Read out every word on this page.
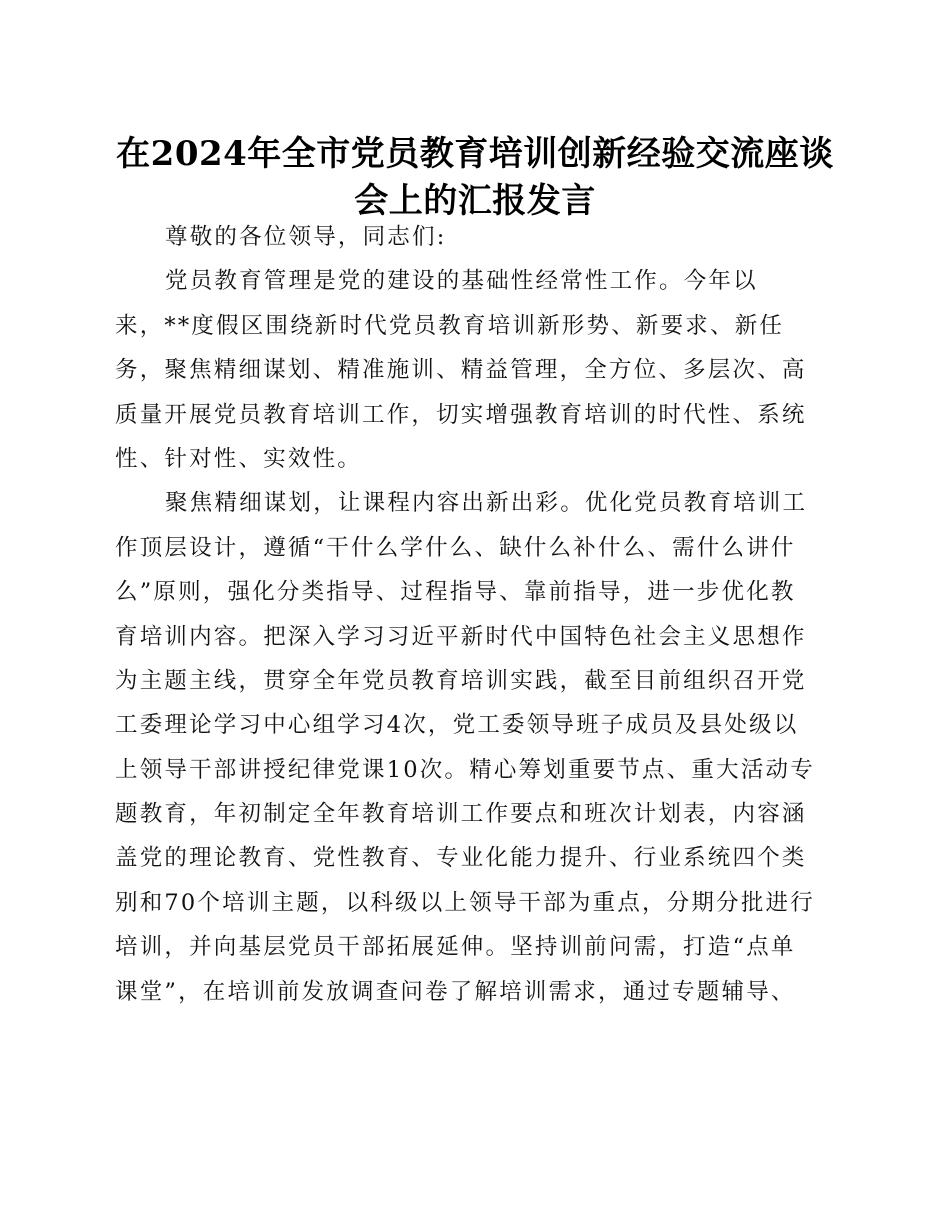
在2024年全市党员教育培训创新经验交流座谈
会上的汇报发言
尊敬的各位领导，同志们:
党员教育管理是党的建设的基础性经常性工作。今年以
来，**度假区围绕新时代党员教育培训新形势、新要求、新任
务，聚焦精细谋划、精准施训、精益管理，全方位、多层次、高
质量开展党员教育培训工作，切实增强教育培训的时代性、系统
性、针对性、实效性。
聚焦精细谋划，让课程内容出新出彩。优化党员教育培训工
作顶层设计，遵循“干什么学什么、缺什么补什么、需什么讲什
么”原则，强化分类指导、过程指导、靠前指导，进一步优化教
育培训内容。把深入学习习近平新时代中国特色社会主义思想作
为主题主线，贯穿全年党员教育培训实践，截至目前组织召开党
工委理论学习中心组学习4次，党工委领导班子成员及县处级以
上领导干部讲授纪律党课10次。精心筹划重要节点、重大活动专
题教育，年初制定全年教育培训工作要点和班次计划表，内容涵
盖党的理论教育、党性教育、专业化能力提升、行业系统四个类
别和70个培训主题，以科级以上领导干部为重点，分期分批进行
培训，并向基层党员干部拓展延伸。坚持训前问需，打造“点单
课堂”，在培训前发放调查问卷了解培训需求，通过专题辅导、
